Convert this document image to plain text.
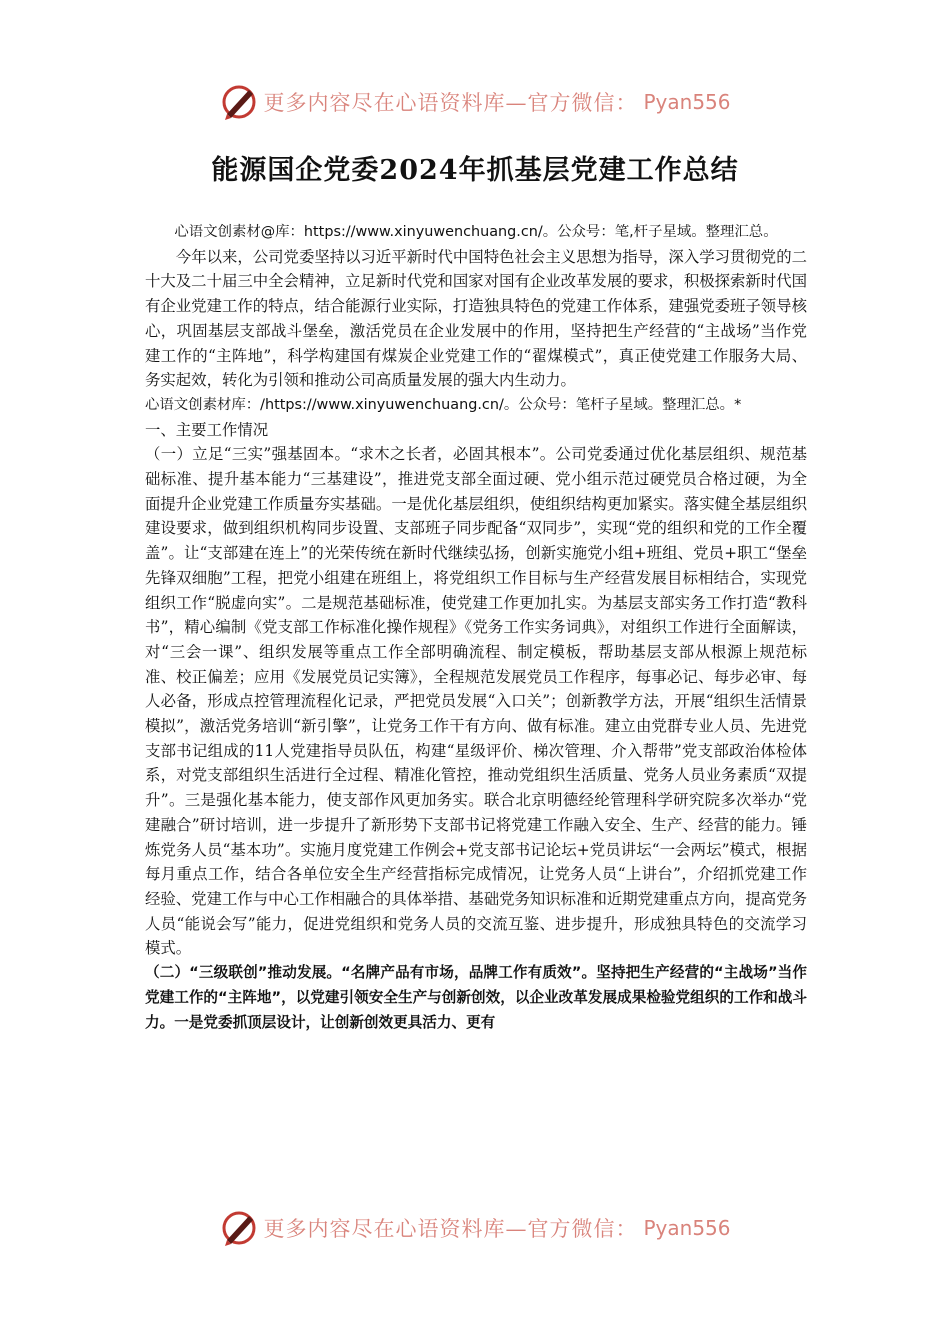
更多内容尽在心语资料库—官方微信： Pyan556
能源国企党委2024年抓基层党建工作总结

心语文创素材@库：https://www.xinyuwenchuang.cn/。公众号：笔,杆子星域。整理汇总。

今年以来，公司党委坚持以习近平新时代中国特色社会主义思想为指导，深入学习贯彻党的二十大及二十届三中全会精神，立足新时代党和国家对国有企业改革发展的要求，积极探索新时代国有企业党建工作的特点，结合能源行业实际，打造独具特色的党建工作体系，建强党委班子领导核心，巩固基层支部战斗堡垒，激活党员在企业发展中的作用，坚持把生产经营的“主战场”当作党建工作的“主阵地”，科学构建国有煤炭企业党建工作的“翟煤模式”，真正使党建工作服务大局、务实起效，转化为引领和推动公司高质量发展的强大内生动力。

心语文创素材库：/https://www.xinyuwenchuang.cn/。公众号：笔杆子星域。整理汇总。*

一、主要工作情况

（一）立足“三实”强基固本。“求木之长者，必固其根本”。公司党委通过优化基层组织、规范基础标准、提升基本能力“三基建设”，推进党支部全面过硬、党小组示范过硬党员合格过硬，为全面提升企业党建工作质量夯实基础。一是优化基层组织，使组织结构更加紧实。落实健全基层组织建设要求，做到组织机构同步设置、支部班子同步配备“双同步”，实现“党的组织和党的工作全覆盖”。让“支部建在连上”的光荣传统在新时代继续弘扬，创新实施党小组+班组、党员+职工“堡垒先锋双细胞”工程，把党小组建在班组上，将党组织工作目标与生产经营发展目标相结合，实现党组织工作“脱虚向实”。二是规范基础标准，使党建工作更加扎实。为基层支部实务工作打造“教科书”，精心编制《党支部工作标准化操作规程》《党务工作实务词典》，对组织工作进行全面解读，对“三会一课”、组织发展等重点工作全部明确流程、制定模板，帮助基层支部从根源上规范标准、校正偏差；应用《发展党员记实簿》，全程规范发展党员工作程序，每事必记、每步必审、每人必备，形成点控管理流程化记录，严把党员发展“入口关”；创新教学方法，开展“组织生活情景模拟”，激活党务培训“新引擎”，让党务工作干有方向、做有标准。建立由党群专业人员、先进党支部书记组成的11人党建指导员队伍，构建“星级评价、梯次管理、介入帮带”党支部政治体检体系，对党支部组织生活进行全过程、精准化管控，推动党组织生活质量、党务人员业务素质“双提升”。三是强化基本能力，使支部作风更加务实。联合北京明德经纶管理科学研究院多次举办“党建融合”研讨培训，进一步提升了新形势下支部书记将党建工作融入安全、生产、经营的能力。锤炼党务人员“基本功”。实施月度党建工作例会+党支部书记论坛+党员讲坛“一会两坛”模式，根据每月重点工作，结合各单位安全生产经营指标完成情况，让党务人员“上讲台”，介绍抓党建工作经验、党建工作与中心工作相融合的具体举措、基础党务知识标准和近期党建重点方向，提高党务人员“能说会写”能力，促进党组织和党务人员的交流互鉴、进步提升，形成独具特色的交流学习模式。

（二）“三级联创”推动发展。“名牌产品有市场，品牌工作有质效”。坚持把生产经营的“主战场”当作党建工作的“主阵地”，以党建引领安全生产与创新创效，以企业改革发展成果检验党组织的工作和战斗力。一是党委抓顶层设计，让创新创效更具活力、更有

更多内容尽在心语资料库—官方微信： Pyan556
